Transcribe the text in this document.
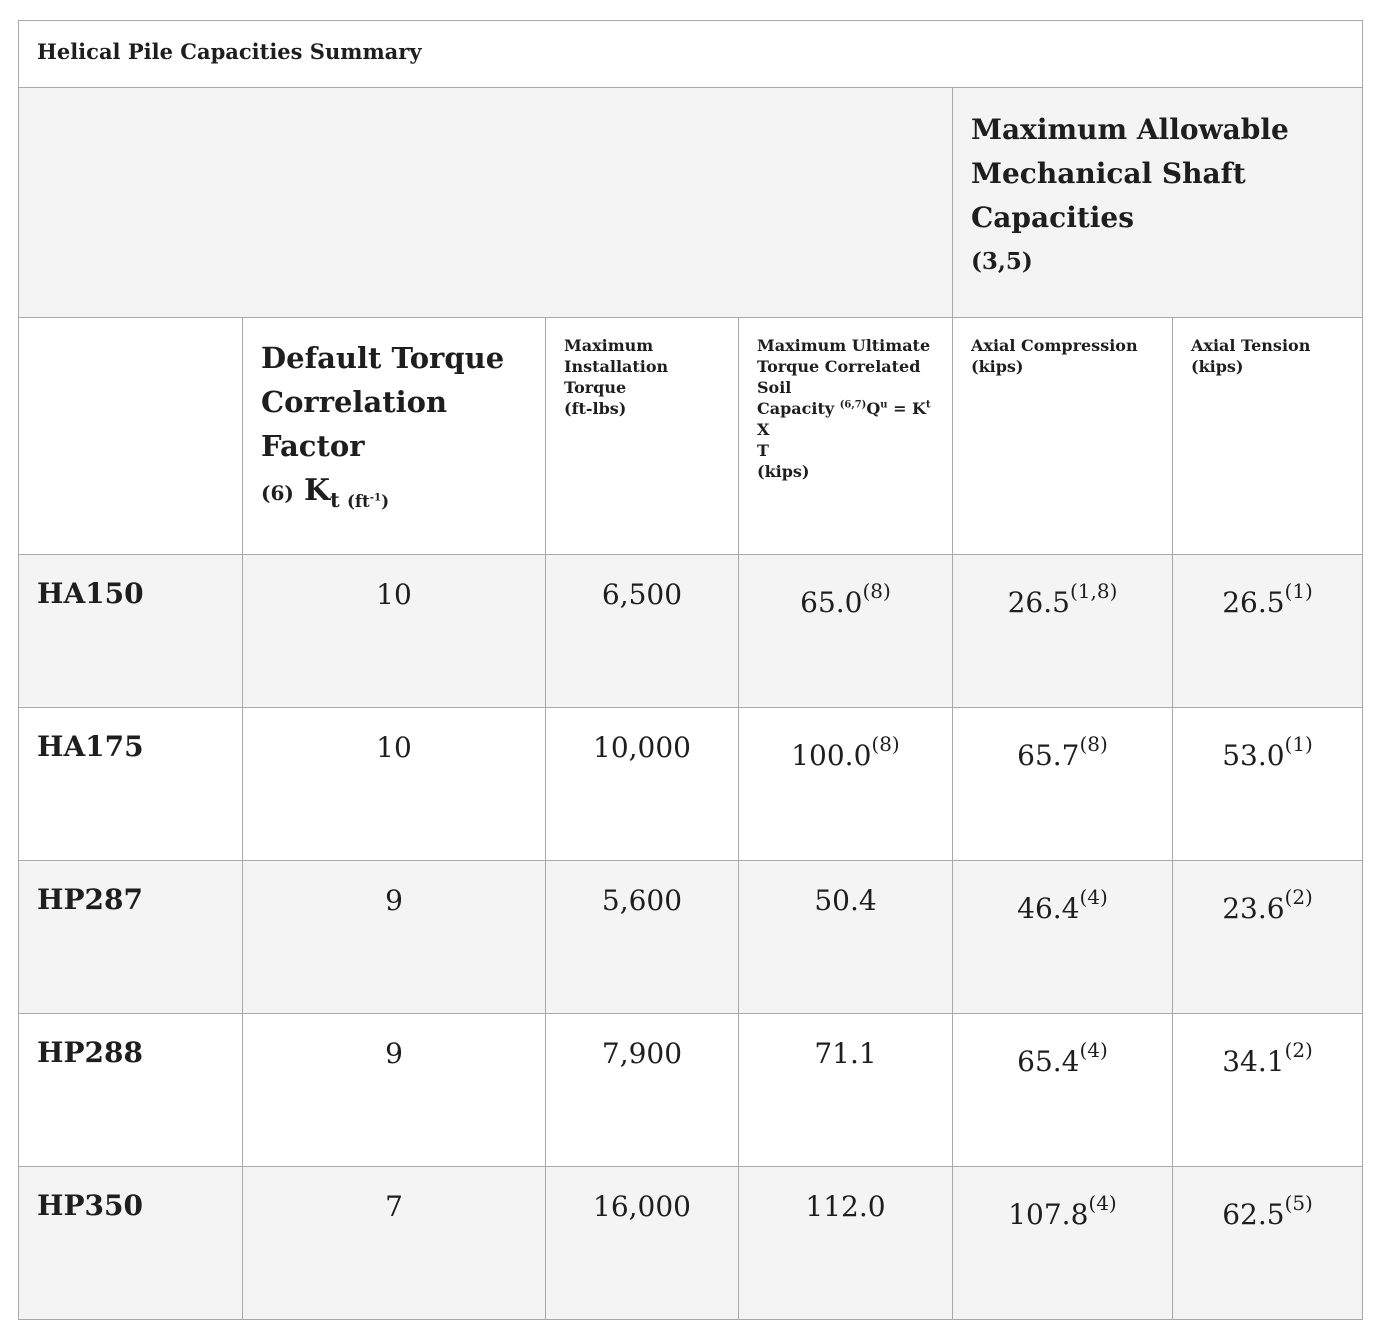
Helical Pile Capacities Summary					
				Maximum Allowable Mechanical Shaft Capacities
(3,5)	

	Default Torque Correlation Factor
(6) $K_{t (ft^{-1})}$	Maximum
Installation Torque
(ft-lbs)	Maximum Ultimate
Torque Correlated Soil
Capacity $^{(6,7)}Q^u = K^t$ X
T
(kips)	Axial Compression
(kips)	Axial Tension (kips)
HA150	10	6,500	65.0$^{(8)}$	26.5$^{(1,8)}$	26.5$^{(1)}$
HA175	10	10,000	100.0$^{(8)}$	65.7$^{(8)}$	53.0$^{(1)}$
HP287	9	5,600	50.4	46.4$^{(4)}$	23.6$^{(2)}$
HP288	9	7,900	71.1	65.4$^{(4)}$	34.1$^{(2)}$
HP350	7	16,000	112.0	107.8$^{(4)}$	62.5$^{(5)}$
